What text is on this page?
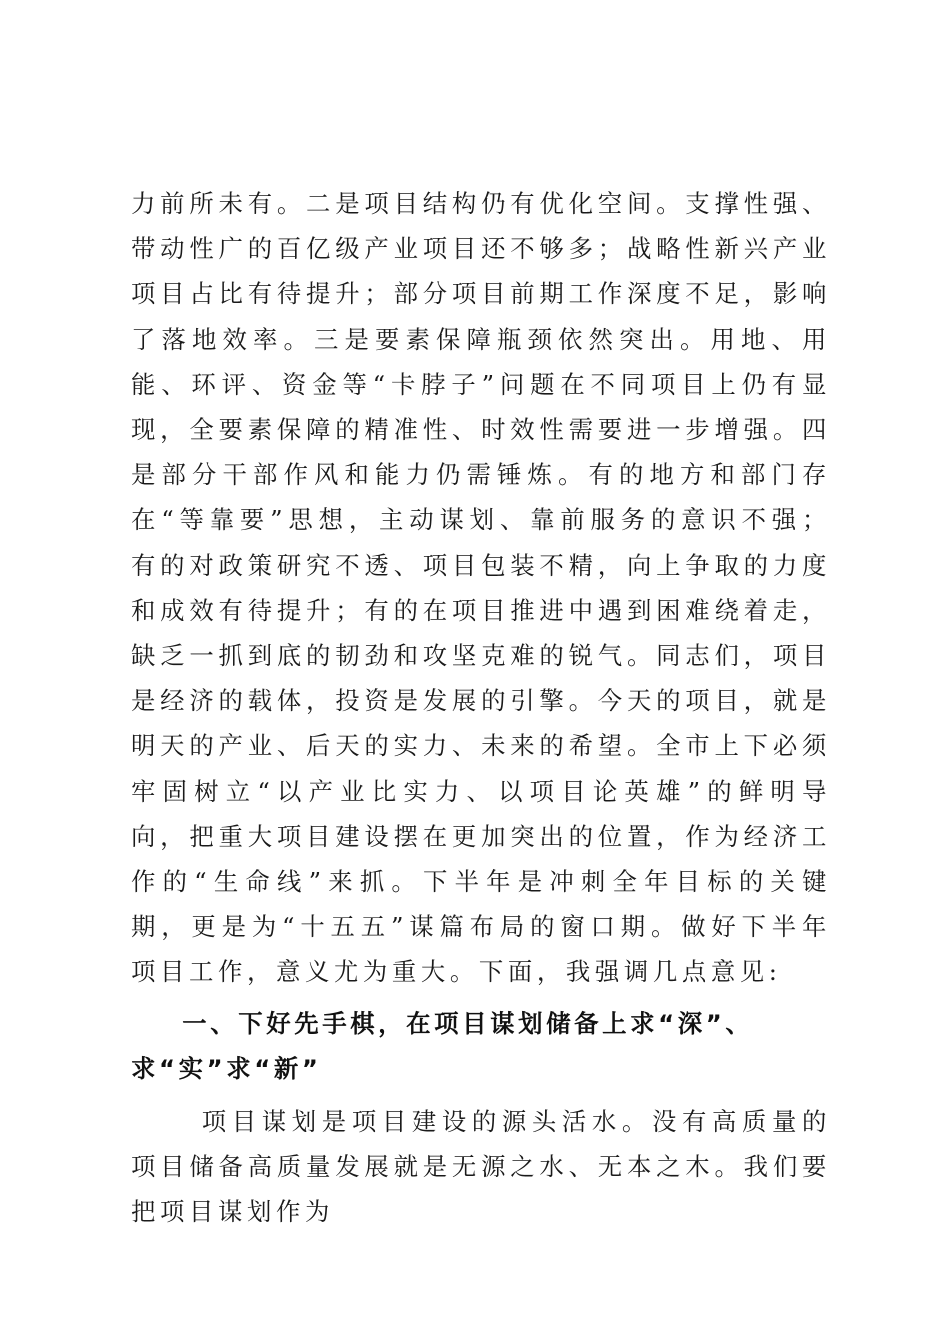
力前所未有。二是项目结构仍有优化空间。支撑性强、带动性广的百亿级产业项目还不够多；战略性新兴产业项目占比有待提升；部分项目前期工作深度不足，影响了落地效率。三是要素保障瓶颈依然突出。用地、用能、环评、资金等“卡脖子”问题在不同项目上仍有显现，全要素保障的精准性、时效性需要进一步增强。四是部分干部作风和能力仍需锤炼。有的地方和部门存在“等靠要”思想，主动谋划、靠前服务的意识不强；有的对政策研究不透、项目包装不精，向上争取的力度和成效有待提升；有的在项目推进中遇到困难绕着走，缺乏一抓到底的韧劲和攻坚克难的锐气。同志们，项目是经济的载体，投资是发展的引擎。今天的项目，就是明天的产业、后天的实力、未来的希望。全市上下必须牢固树立“以产业比实力、以项目论英雄”的鲜明导向，把重大项目建设摆在更加突出的位置，作为经济工作的“生命线”来抓。下半年是冲刺全年目标的关键期，更是为“十五五”谋篇布局的窗口期。做好下半年项目工作，意义尤为重大。下面，我强调几点意见:

一、下好先手棋，在项目谋划储备上求“深”、求“实”求“新”

项目谋划是项目建设的源头活水。没有高质量的项目储备高质量发展就是无源之水、无本之木。我们要把项目谋划作为
